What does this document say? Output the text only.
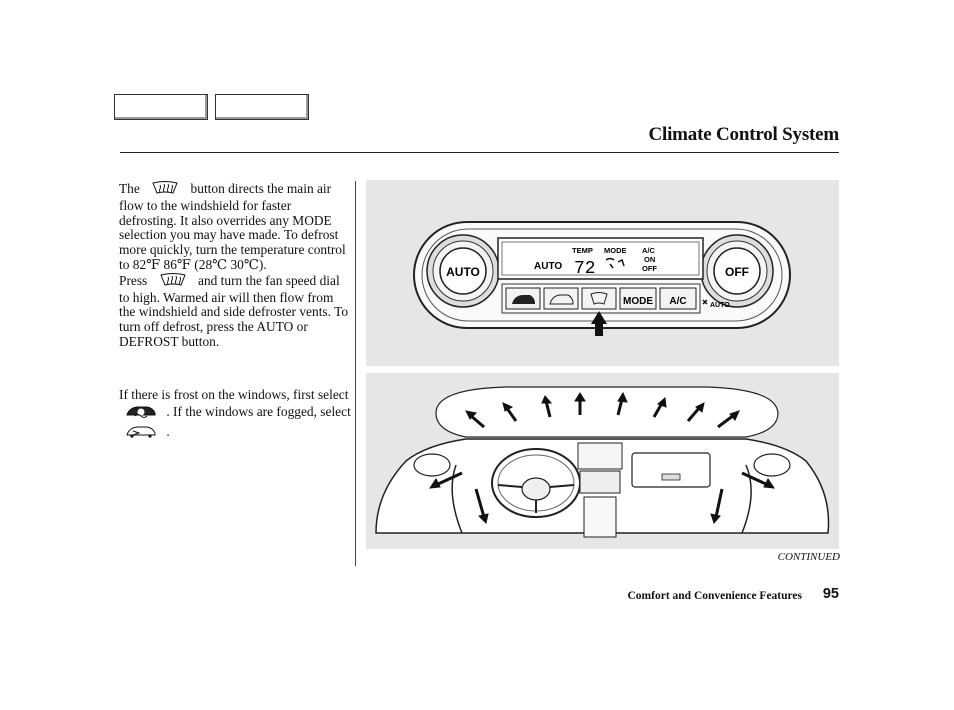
Climate Control System
The	button directs the main air flow to the windshield for faster defrosting. It also overrides any MODE selection you may have made. To defrost more quickly, turn the temperature control to 82℉ 86℉ (28℃ 30℃).
Press	and turn the fan speed dial to high. Warmed air will then flow from the windshield and side defroster vents. To turn off defrost, press the AUTO or DEFROST button.
If there is frost on the windows, first select  . If the windows are fogged, select  .
AUTO	OFF
AUTO
TEMP
72
MODE A/C
ON
OFF
MODE A/C	AUTO
CONTINUED
Comfort and Convenience Features 95
